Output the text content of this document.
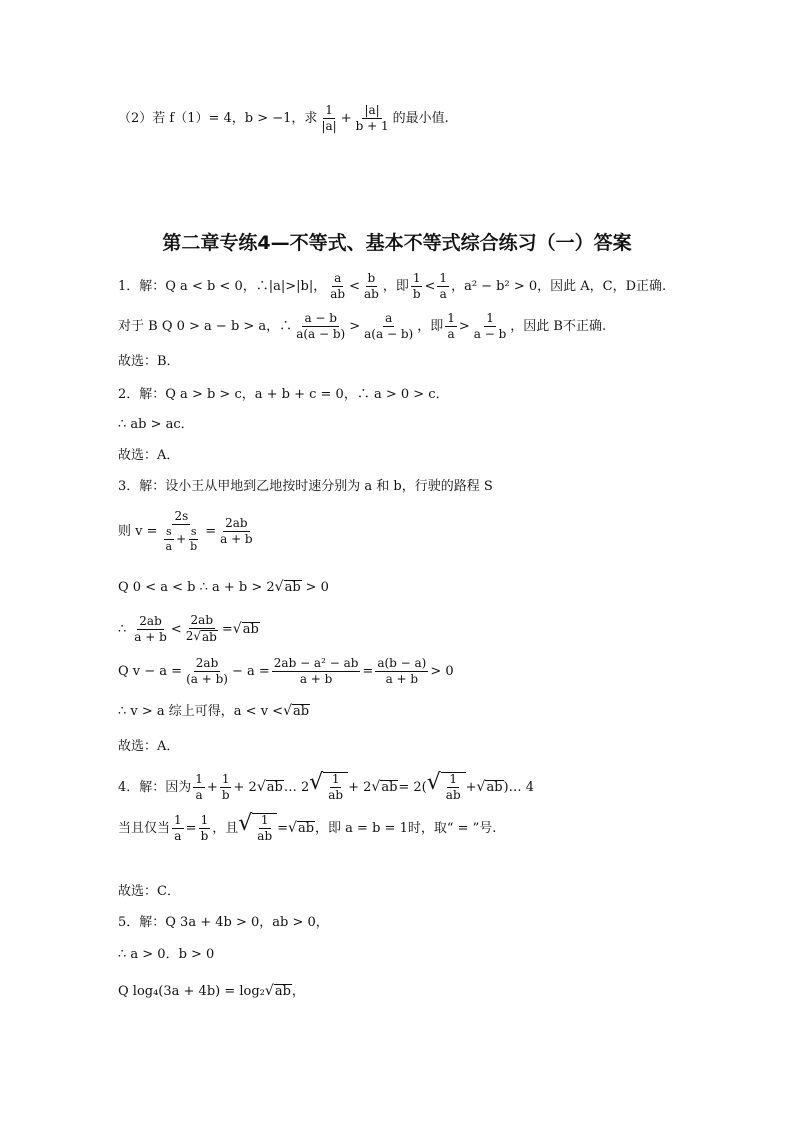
（2）若 f（1）= 4，b > −1，求 $\frac{1}{|a|} + \frac{|a|}{b + 1}$ 的最小值.
第二章专练4—不等式、基本不等式综合练习（一）答案
1．解：Q a < b < 0，∴|a|>|b|， $\frac{a}{ab} < \frac{b}{ab}$ ，即 $\frac{1}{b} < \frac{1}{a}$ ，a² − b² > 0，因此 A，C，D正确.
对于 B Q 0 > a − b > a，∴ $\frac{a - b}{a(a - b)} > \frac{a}{a(a - b)}$ ，即 $\frac{1}{a} > \frac{1}{a - b}$ ，因此 B不正确.
故选：B．
2．解：Q a > b > c，a + b + c = 0，∴ a > 0 > c．
∴ ab > ac．
故选：A．
3．解：设小王从甲地到乙地按时速分别为 a 和 b，行驶的路程 S
则 $v = \frac{2s}{\frac{s}{a} + \frac{s}{b}} = \frac{2ab}{a + b}$
Q 0 < a < b ∴ a + b > 2 √ ab > 0
∴ $\frac{2ab}{a + b} < \frac{2ab}{2 √ ab}$ = √ ab
Q $v - a = \frac{2ab}{(a + b)} - a = \frac{\text{2ab − a² − ab}}{a + b} = \frac{a(b - a)}{a + b} > 0$
∴ v > a 综上可得，a < v < √ ab
故选：A．
4．解：因为 $\frac{1}{a} + \frac{1}{b} + 2$ √ ab … 2 √ $\frac{1}{ab} + 2$ √ ab = 2( √ $\frac{1}{ab}$ + √ ab )… 4
当且仅当 $\frac{1}{a} = \frac{1}{b}$ ，且 √ $\frac{1}{ab}$ = √ ab ，即 a = b = 1时，取“ = ”号.
故选：C．
5．解：Q 3a + 4b > 0，ab > 0，
∴ a > 0．b > 0
Q log₄(3a + 4b) = log₂ √ ab ，
